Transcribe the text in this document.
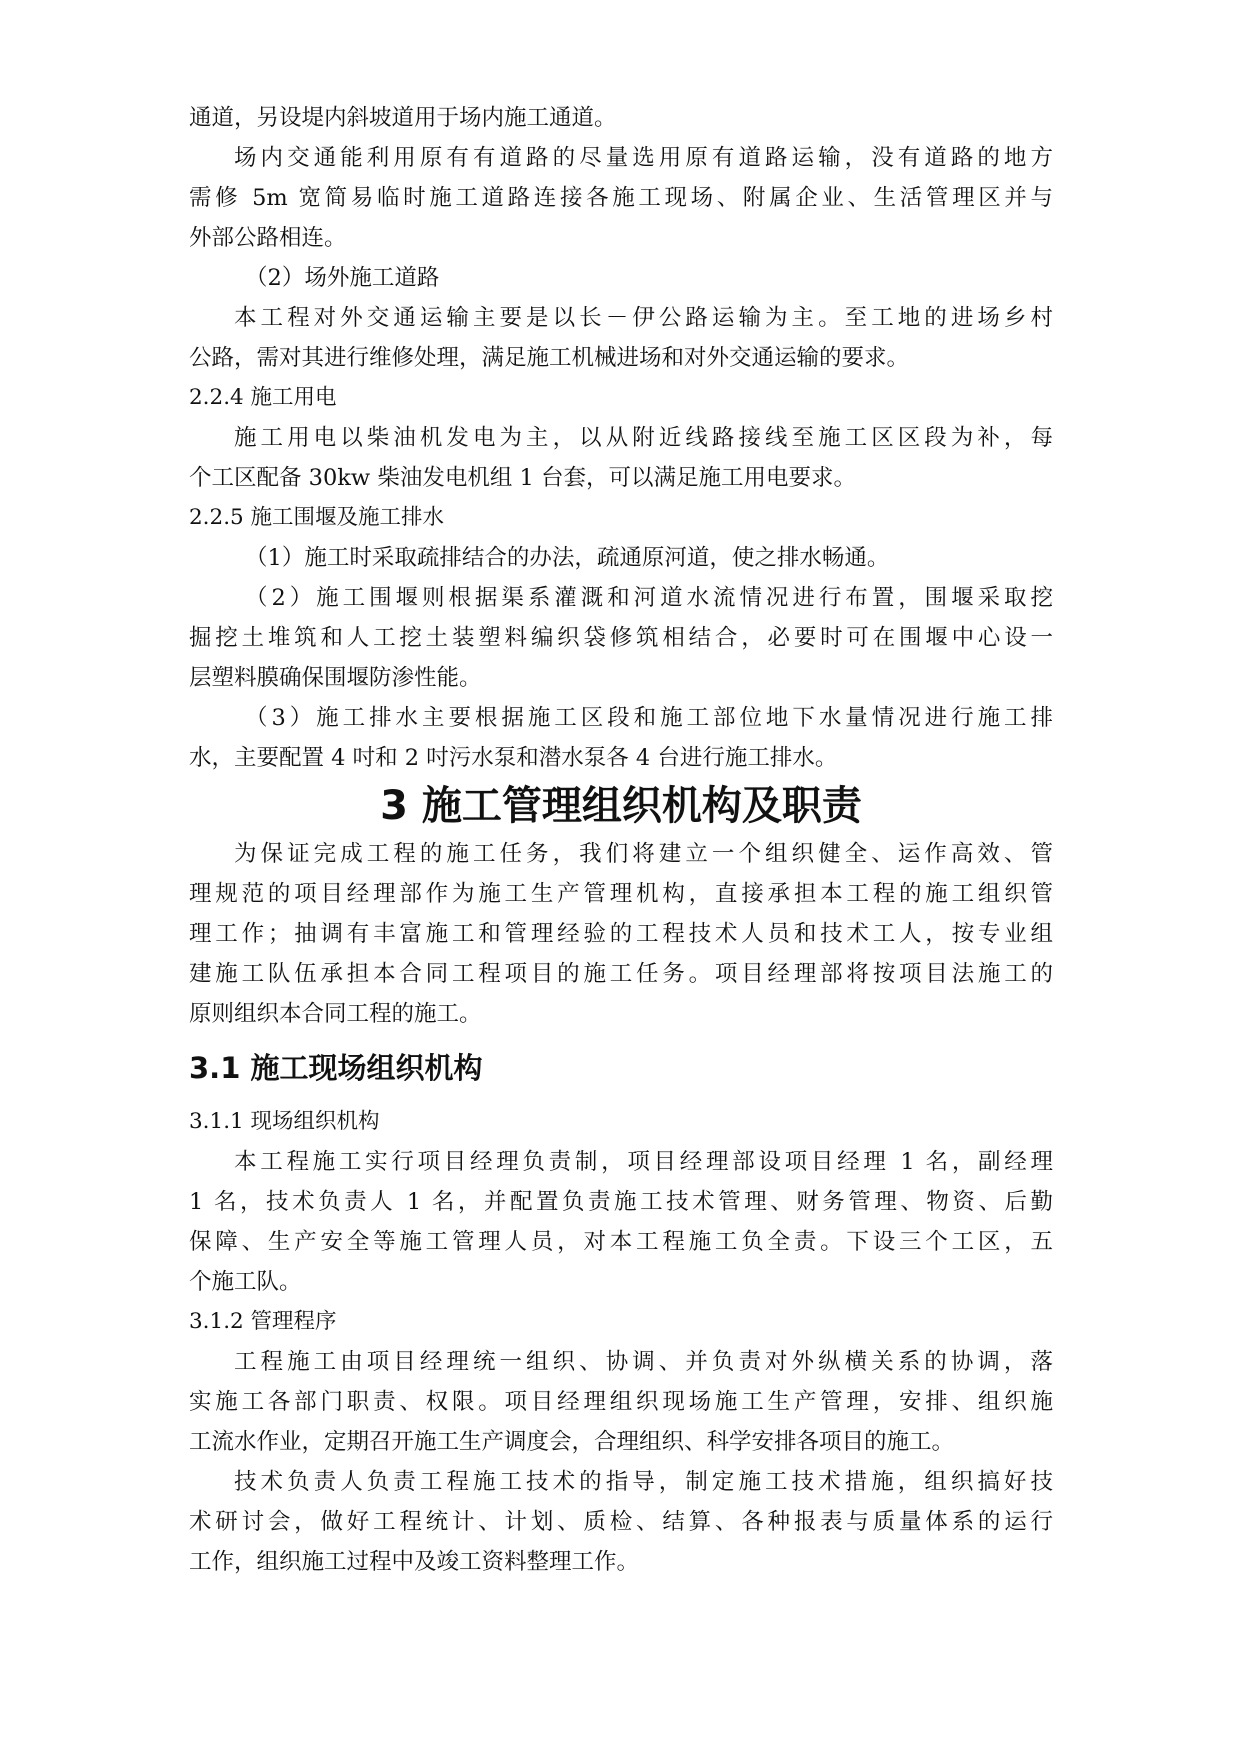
通道，另设堤内斜坡道用于场内施工通道。
场内交通能利用原有有道路的尽量选用原有道路运输，没有道路的地方
需修 5m 宽简易临时施工道路连接各施工现场、附属企业、生活管理区并与
外部公路相连。
（2）场外施工道路
本工程对外交通运输主要是以长－伊公路运输为主。至工地的进场乡村
公路，需对其进行维修处理，满足施工机械进场和对外交通运输的要求。
2.2.4 施工用电
施工用电以柴油机发电为主，以从附近线路接线至施工区区段为补，每
个工区配备 30kw 柴油发电机组 1 台套，可以满足施工用电要求。
2.2.5 施工围堰及施工排水
（1）施工时采取疏排结合的办法，疏通原河道，使之排水畅通。
（2）施工围堰则根据渠系灌溉和河道水流情况进行布置，围堰采取挖
掘挖土堆筑和人工挖土装塑料编织袋修筑相结合，必要时可在围堰中心设一
层塑料膜确保围堰防渗性能。
（3）施工排水主要根据施工区段和施工部位地下水量情况进行施工排
水，主要配置 4 吋和 2 吋污水泵和潜水泵各 4 台进行施工排水。
3 施工管理组织机构及职责
为保证完成工程的施工任务，我们将建立一个组织健全、运作高效、管
理规范的项目经理部作为施工生产管理机构，直接承担本工程的施工组织管
理工作；抽调有丰富施工和管理经验的工程技术人员和技术工人，按专业组
建施工队伍承担本合同工程项目的施工任务。项目经理部将按项目法施工的
原则组织本合同工程的施工。
3.1 施工现场组织机构
3.1.1 现场组织机构
本工程施工实行项目经理负责制，项目经理部设项目经理 1 名，副经理
1 名，技术负责人 1 名，并配置负责施工技术管理、财务管理、物资、后勤
保障、生产安全等施工管理人员，对本工程施工负全责。下设三个工区，五
个施工队。
3.1.2 管理程序
工程施工由项目经理统一组织、协调、并负责对外纵横关系的协调，落
实施工各部门职责、权限。项目经理组织现场施工生产管理，安排、组织施
工流水作业，定期召开施工生产调度会，合理组织、科学安排各项目的施工。
技术负责人负责工程施工技术的指导，制定施工技术措施，组织搞好技
术研讨会，做好工程统计、计划、质检、结算、各种报表与质量体系的运行
工作，组织施工过程中及竣工资料整理工作。
